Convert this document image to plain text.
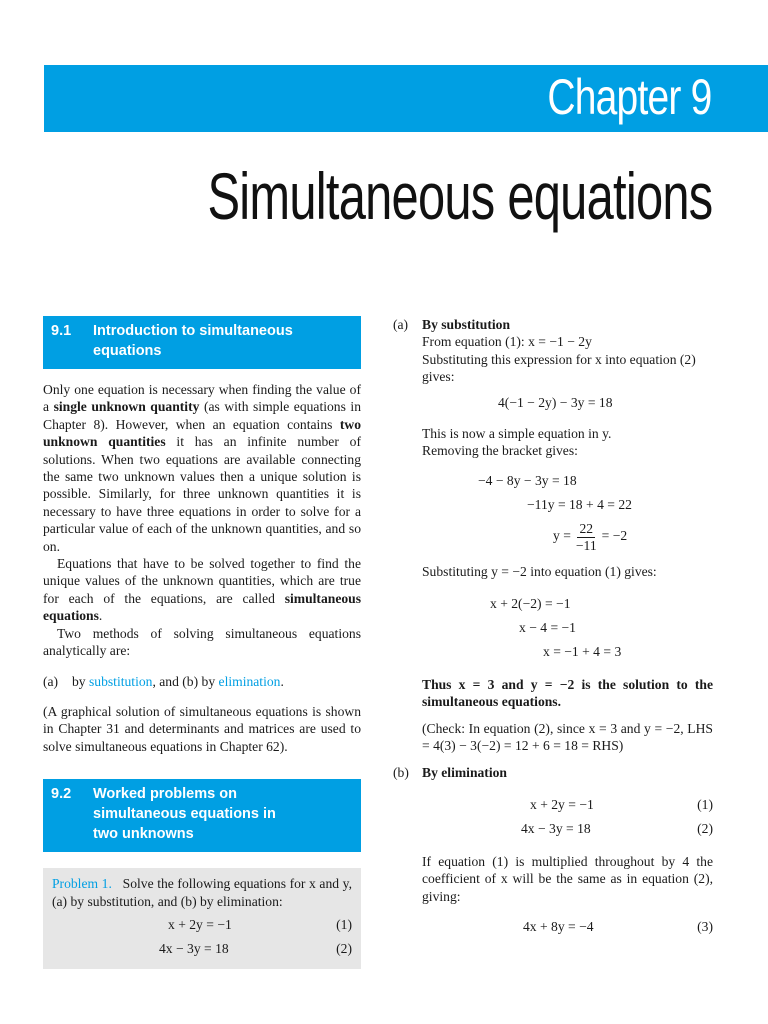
Chapter 9
Simultaneous equations
9.1	Introduction to simultaneous equations

Only one equation is necessary when finding the value of a single unknown quantity (as with simple equations in Chapter 8). However, when an equation contains two unknown quantities it has an infinite number of solutions. When two equations are available connecting the same two unknown values then a unique solution is possible. Similarly, for three unknown quantities it is necessary to have three equations in order to solve for a particular value of each of the unknown quantities, and so on.

Equations that have to be solved together to find the unique values of the unknown quantities, which are true for each of the equations, are called simultaneous equations.

Two methods of solving simultaneous equations analytically are:

(a)	by substitution, and (b) by elimination.

(A graphical solution of simultaneous equations is shown in Chapter 31 and determinants and matrices are used to solve simultaneous equations in Chapter 62).

9.2	Worked problems on simultaneous equations in two unknowns
Problem 1. Solve the following equations for x and y, (a) by substitution, and (b) by elimination:
x + 2y = −1	(1)
4x − 3y = 18	(2)
(a)	By substitution
From equation (1): x = −1 − 2y
Substituting this expression for x into equation (2) gives:
4(−1 − 2y) − 3y = 18
This is now a simple equation in y.
Removing the bracket gives:
−4 − 8y − 3y = 18
−11y = 18 + 4 = 22
$y = \frac{22}{-11} = -2$
Substituting y = −2 into equation (1) gives:
x + 2(−2) = −1
x − 4 = −1
x = −1 + 4 = 3
Thus x = 3 and y = −2 is the solution to the simultaneous equations.
(Check: In equation (2), since x = 3 and y = −2, LHS = 4(3) − 3(−2) = 12 + 6 = 18 = RHS)
(b) By elimination
x + 2y = −1	(1)
4x − 3y = 18	(2)
If equation (1) is multiplied throughout by 4 the coefficient of x will be the same as in equation (2), giving:
4x + 8y = −4	(3)
